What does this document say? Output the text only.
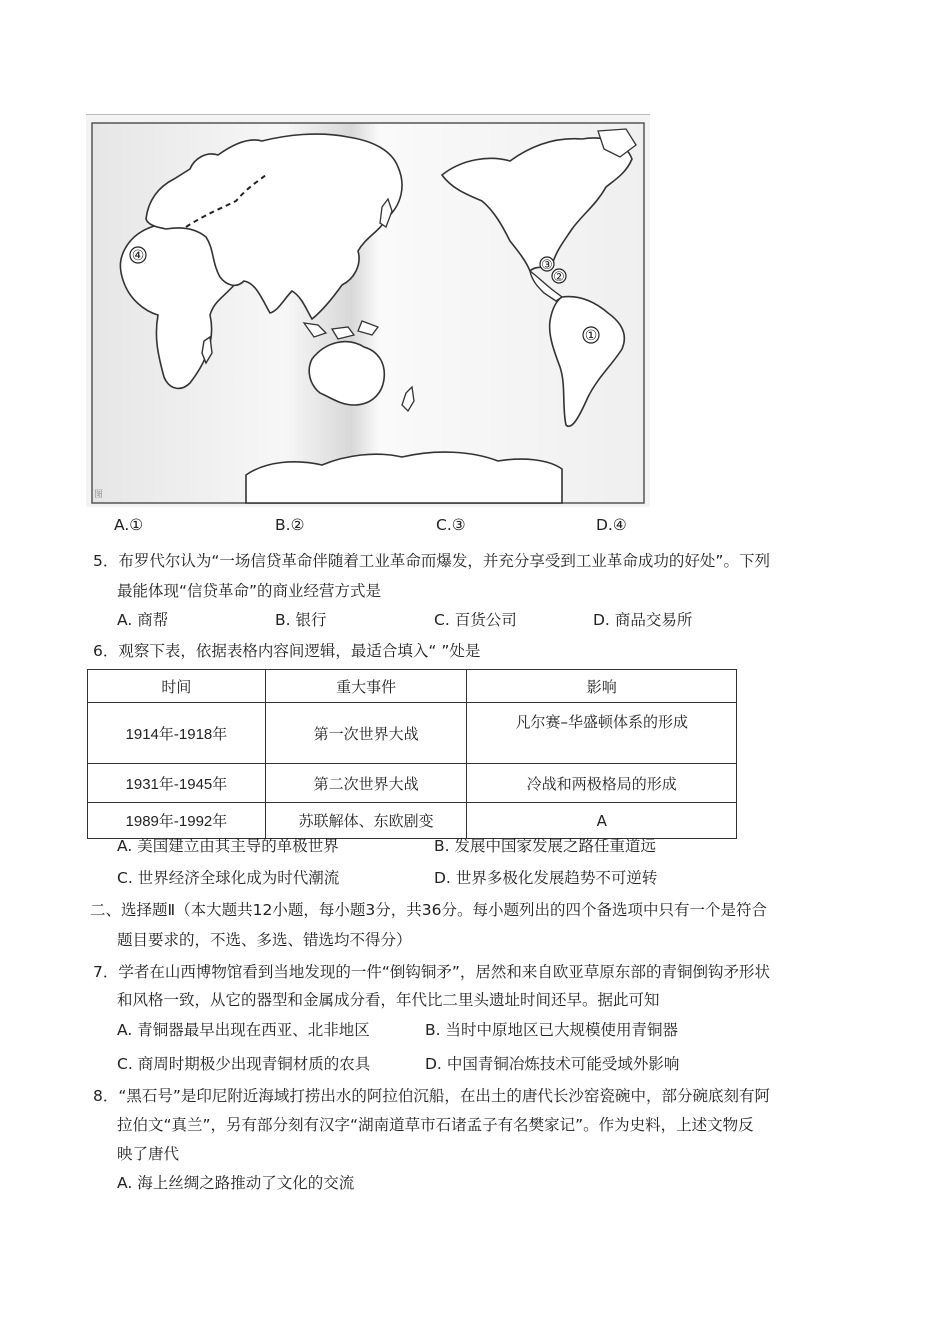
①
②
③
④
图
A.①	B.②	C.③	D.④
5．布罗代尔认为“一场信贷革命伴随着工业革命而爆发，并充分享受到工业革命成功的好处”。下列
最能体现“信贷革命”的商业经营方式是
A. 商帮	B. 银行	C. 百货公司	D. 商品交易所
6．观察下表，依据表格内容间逻辑，最适合填入“ ”处是
时间	重大事件	影响
1914年-1918年	第一次世界大战	凡尔赛–华盛顿体系的形成
1931年-1945年	第二次世界大战	冷战和两极格局的形成
1989年-1992年	苏联解体、东欧剧变	A
A. 美国建立由其主导的单极世界	B. 发展中国家发展之路任重道远
C. 世界经济全球化成为时代潮流	D. 世界多极化发展趋势不可逆转
二、选择题Ⅱ（本大题共12小题，每小题3分，共36分。每小题列出的四个备选项中只有一个是符合
题目要求的，不选、多选、错选均不得分）
7．学者在山西博物馆看到当地发现的一件“倒钩铜矛”，居然和来自欧亚草原东部的青铜倒钩矛形状
和风格一致，从它的器型和金属成分看，年代比二里头遗址时间还早。据此可知
A. 青铜器最早出现在西亚、北非地区	B. 当时中原地区已大规模使用青铜器
C. 商周时期极少出现青铜材质的农具	D. 中国青铜冶炼技术可能受域外影响
8．“黑石号”是印尼附近海域打捞出水的阿拉伯沉船，在出土的唐代长沙窑瓷碗中，部分碗底刻有阿
拉伯文“真兰”，另有部分刻有汉字“湖南道草市石诸孟子有名樊家记”。作为史料，上述文物反
映了唐代
A. 海上丝绸之路推动了文化的交流
